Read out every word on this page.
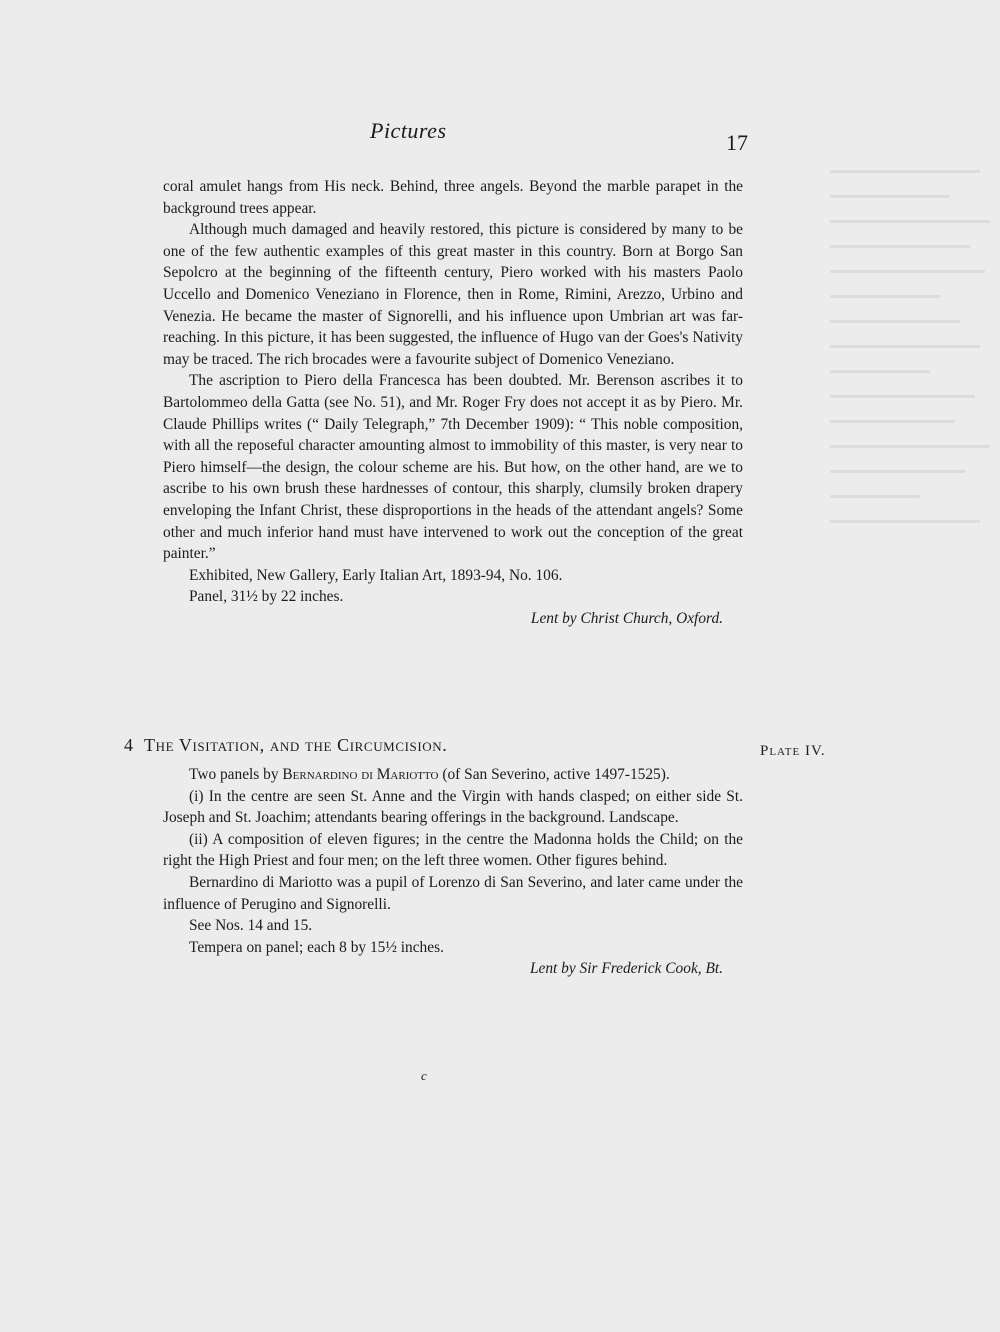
Pictures	17

coral amulet hangs from His neck. Behind, three angels. Beyond the marble parapet in the background trees appear.

Although much damaged and heavily restored, this picture is considered by many to be one of the few authentic examples of this great master in this country. Born at Borgo San Sepolcro at the beginning of the fifteenth century, Piero worked with his masters Paolo Uccello and Domenico Veneziano in Florence, then in Rome, Rimini, Arezzo, Urbino and Venezia. He became the master of Signorelli, and his influence upon Umbrian art was far-reaching. In this picture, it has been suggested, the influence of Hugo van der Goes's Nativity may be traced. The rich brocades were a favourite subject of Domenico Veneziano.

The ascription to Piero della Francesca has been doubted. Mr. Berenson ascribes it to Bartolommeo della Gatta (see No. 51), and Mr. Roger Fry does not accept it as by Piero. Mr. Claude Phillips writes (“ Daily Telegraph,” 7th December 1909): “ This noble composition, with all the reposeful character amounting almost to immobility of this master, is very near to Piero himself—the design, the colour scheme are his. But how, on the other hand, are we to ascribe to his own brush these hardnesses of contour, this sharply, clumsily broken drapery enveloping the Infant Christ, these disproportions in the heads of the attendant angels? Some other and much inferior hand must have intervened to work out the conception of the great painter.”

Exhibited, New Gallery, Early Italian Art, 1893-94, No. 106.

Panel, 31½ by 22 inches.

Lent by Christ Church, Oxford.

4 The Visitation, and the Circumcision.	Plate IV.

Two panels by Bernardino di Mariotto (of San Severino, active 1497-1525).

(i) In the centre are seen St. Anne and the Virgin with hands clasped; on either side St. Joseph and St. Joachim; attendants bearing offerings in the background. Landscape.

(ii) A composition of eleven figures; in the centre the Madonna holds the Child; on the right the High Priest and four men; on the left three women. Other figures behind.

Bernardino di Mariotto was a pupil of Lorenzo di San Severino, and later came under the influence of Perugino and Signorelli.

See Nos. 14 and 15.

Tempera on panel; each 8 by 15½ inches.

Lent by Sir Frederick Cook, Bt.

c
